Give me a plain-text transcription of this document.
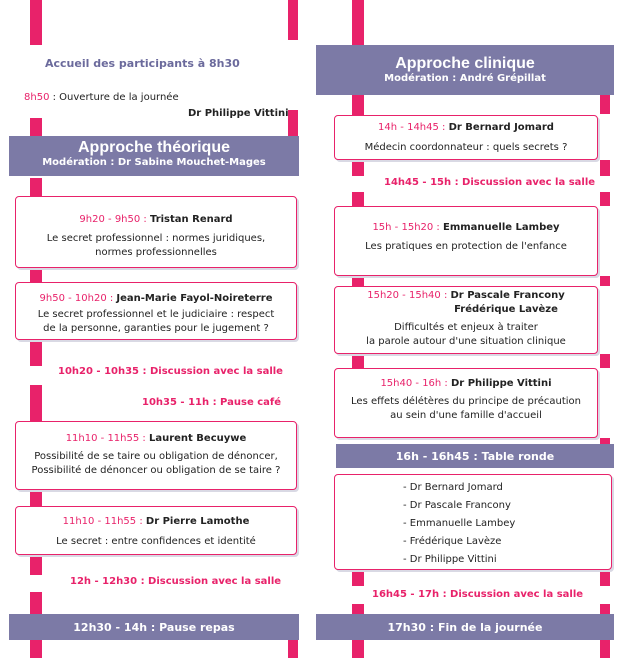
Accueil des participants à 8h30
8h50 : Ouverture de la journée
Dr Philippe Vittini
Approche théorique
Modération : Dr Sabine Mouchet-Mages
9h20 - 9h50 : Tristan Renard
Le secret professionnel : normes juridiques,
normes professionnelles
9h50 - 10h20 : Jean-Marie Fayol-Noireterre
Le secret professionnel et le judiciaire : respect
de la personne, garanties pour le jugement ?
10h20 - 10h35 : Discussion avec la salle
10h35 - 11h : Pause café
11h10 - 11h55 : Laurent Becuywe
Possibilité de se taire ou obligation de dénoncer,
Possibilité de dénoncer ou obligation de se taire ?
11h10 - 11h55 : Dr Pierre Lamothe
Le secret : entre confidences et identité
12h - 12h30 : Discussion avec la salle
12h30 - 14h : Pause repas
Approche clinique
Modération : André Grépillat
14h - 14h45 : Dr Bernard Jomard
Médecin coordonnateur : quels secrets ?
14h45 - 15h : Discussion avec la salle
15h - 15h20 : Emmanuelle Lambey
Les pratiques en protection de l'enfance
15h20 - 15h40 : Dr Pascale Francony
Frédérique Lavèze
Difficultés et enjeux à traiter
la parole autour d'une situation clinique
15h40 - 16h : Dr Philippe Vittini
Les effets délétères du principe de précaution
au sein d'une famille d'accueil
16h - 16h45 : Table ronde
- Dr Bernard Jomard
- Dr Pascale Francony
- Emmanuelle Lambey
- Frédérique Lavèze
- Dr Philippe Vittini
16h45 - 17h : Discussion avec la salle
17h30 : Fin de la journée
